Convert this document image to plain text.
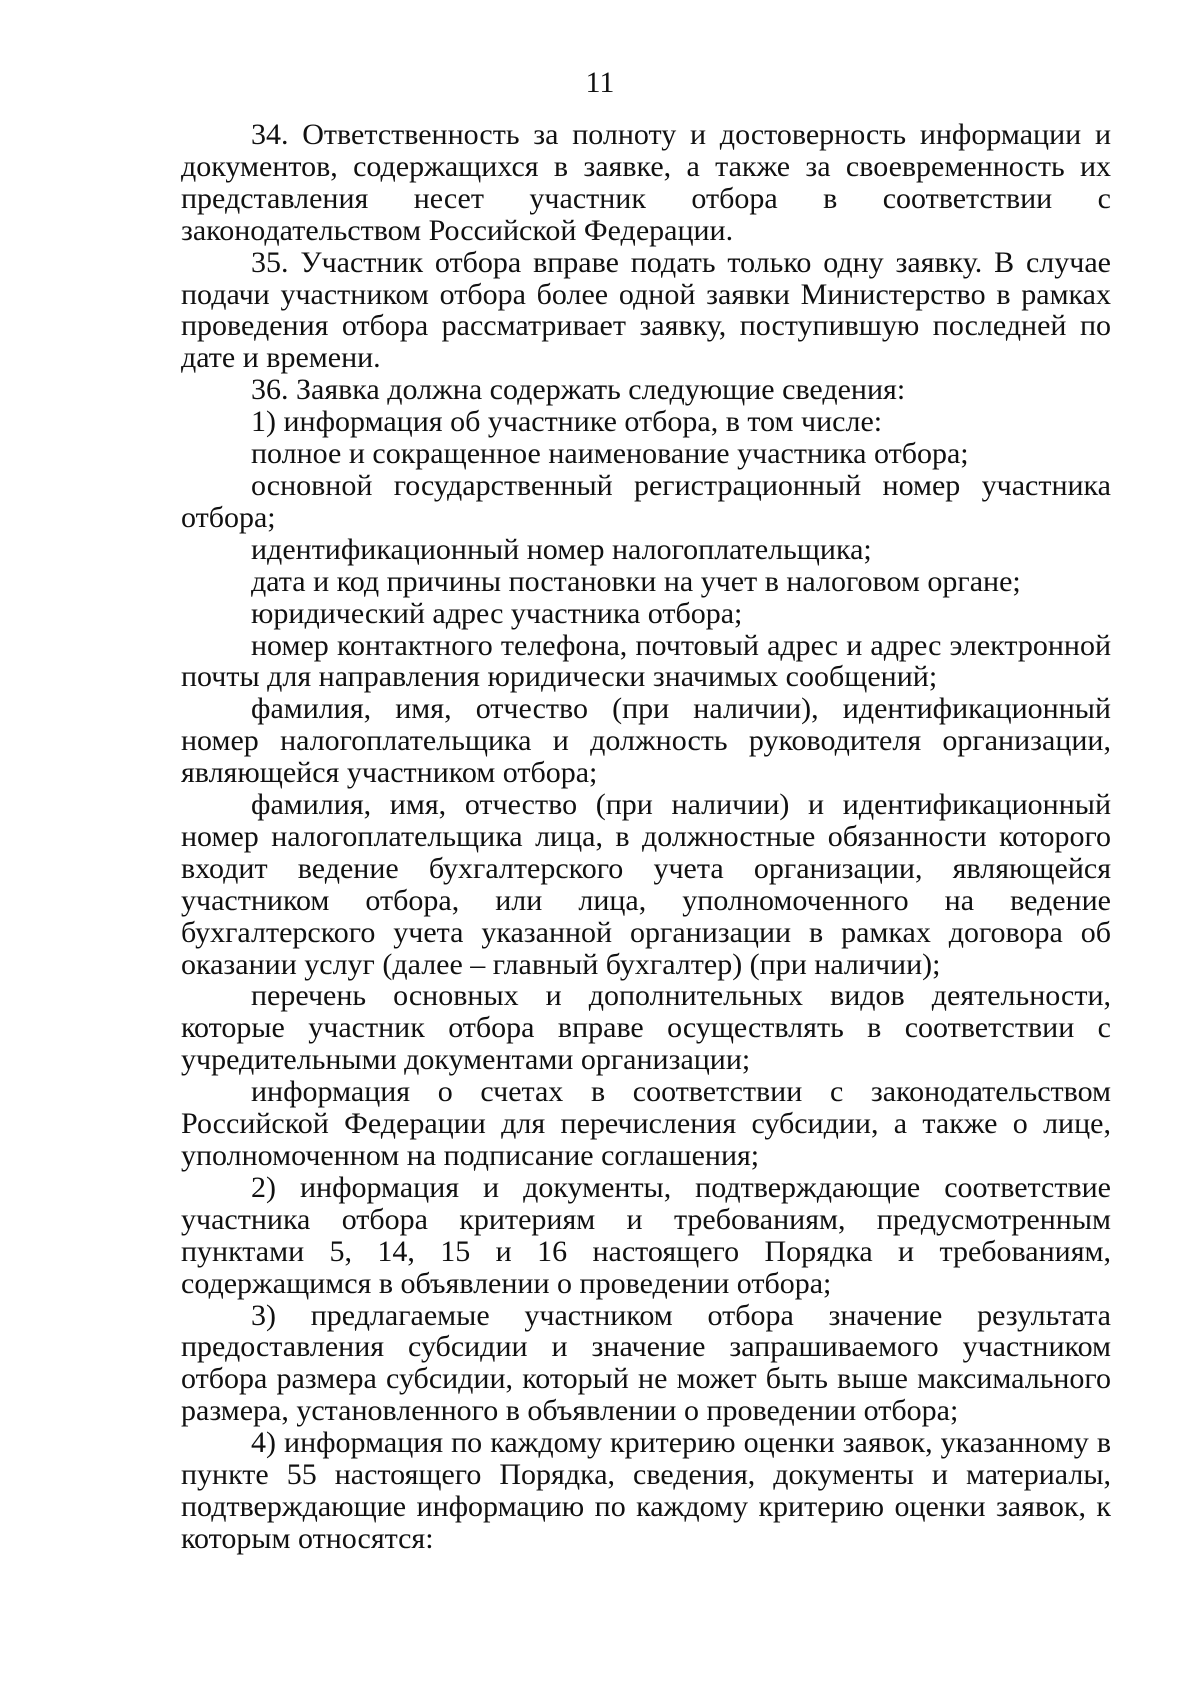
11

34. Ответственность за полноту и достоверность информации и документов, содержащихся в заявке, а также за своевременность их представления несет участник отбора в соответствии с законодательством Российской Федерации.

35. Участник отбора вправе подать только одну заявку. В случае подачи участником отбора более одной заявки Министерство в рамках проведения отбора рассматривает заявку, поступившую последней по дате и времени.

36. Заявка должна содержать следующие сведения:

1) информация об участнике отбора, в том числе:

полное и сокращенное наименование участника отбора;

основной государственный регистрационный номер участника отбора;

идентификационный номер налогоплательщика;

дата и код причины постановки на учет в налоговом органе;

юридический адрес участника отбора;

номер контактного телефона, почтовый адрес и адрес электронной почты для направления юридически значимых сообщений;

фамилия, имя, отчество (при наличии), идентификационный номер налогоплательщика и должность руководителя организации, являющейся участником отбора;

фамилия, имя, отчество (при наличии) и идентификационный номер налогоплательщика лица, в должностные обязанности которого входит ведение бухгалтерского учета организации, являющейся участником отбора, или лица, уполномоченного на ведение бухгалтерского учета указанной организации в рамках договора об оказании услуг (далее – главный бухгалтер) (при наличии);

перечень основных и дополнительных видов деятельности, которые участник отбора вправе осуществлять в соответствии с учредительными документами организации;

информация о счетах в соответствии с законодательством Российской Федерации для перечисления субсидии, а также о лице, уполномоченном на подписание соглашения;

2) информация и документы, подтверждающие соответствие участника отбора критериям и требованиям, предусмотренным пунктами 5, 14, 15 и 16 настоящего Порядка и требованиям, содержащимся в объявлении о проведении отбора;

3) предлагаемые участником отбора значение результата предоставления субсидии и значение запрашиваемого участником отбора размера субсидии, который не может быть выше максимального размера, установленного в объявлении о проведении отбора;

4) информация по каждому критерию оценки заявок, указанному в пункте 55 настоящего Порядка, сведения, документы и материалы, подтверждающие информацию по каждому критерию оценки заявок, к которым относятся:
